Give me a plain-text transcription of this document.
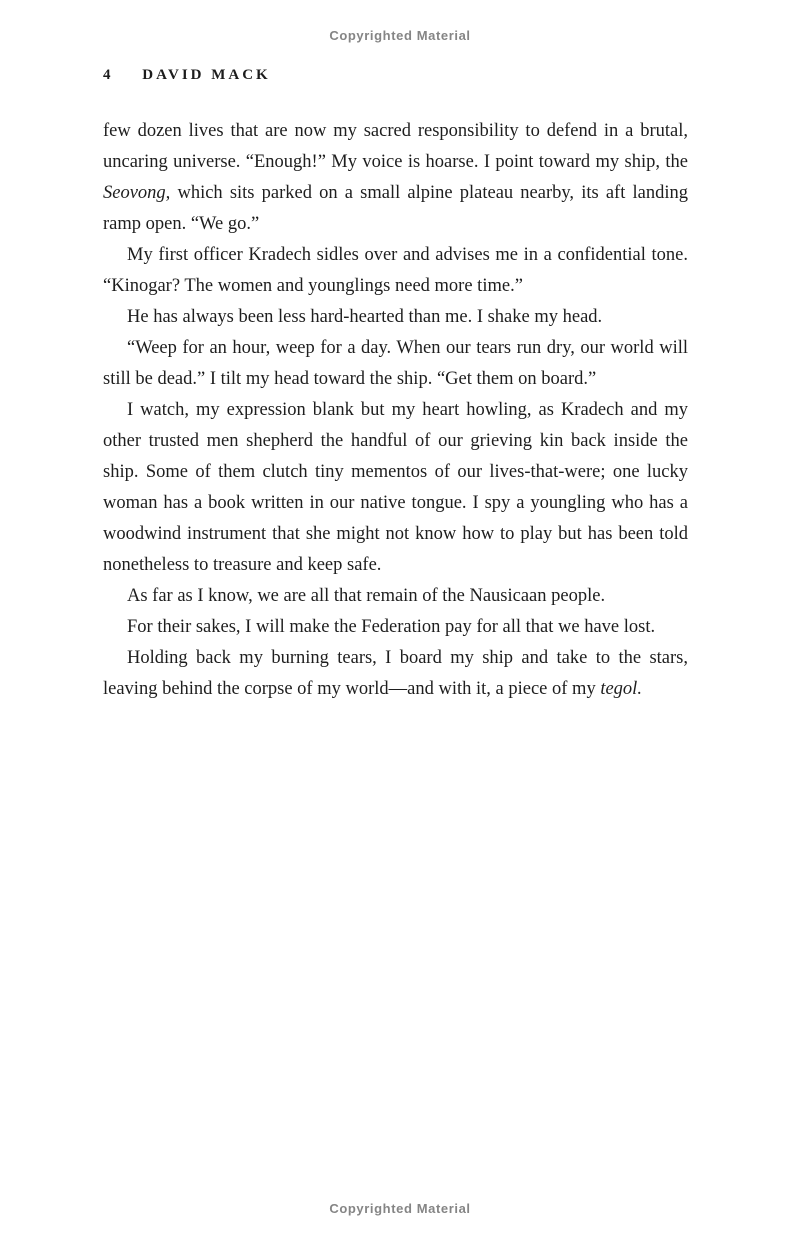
Copyrighted Material
4 DAVID MACK

few dozen lives that are now my sacred responsibility to defend in a brutal, uncaring universe. “Enough!” My voice is hoarse. I point toward my ship, the Seovong, which sits parked on a small alpine plateau nearby, its aft landing ramp open. “We go.”

My first officer Kradech sidles over and advises me in a confidential tone. “Kinogar? The women and younglings need more time.”

He has always been less hard-hearted than me. I shake my head.

“Weep for an hour, weep for a day. When our tears run dry, our world will still be dead.” I tilt my head toward the ship. “Get them on board.”

I watch, my expression blank but my heart howling, as Kradech and my other trusted men shepherd the handful of our grieving kin back inside the ship. Some of them clutch tiny mementos of our lives-that-were; one lucky woman has a book written in our native tongue. I spy a youngling who has a woodwind instrument that she might not know how to play but has been told nonetheless to treasure and keep safe.

As far as I know, we are all that remain of the Nausicaan people.

For their sakes, I will make the Federation pay for all that we have lost.

Holding back my burning tears, I board my ship and take to the stars, leaving behind the corpse of my world—and with it, a piece of my tegol.

Copyrighted Material
